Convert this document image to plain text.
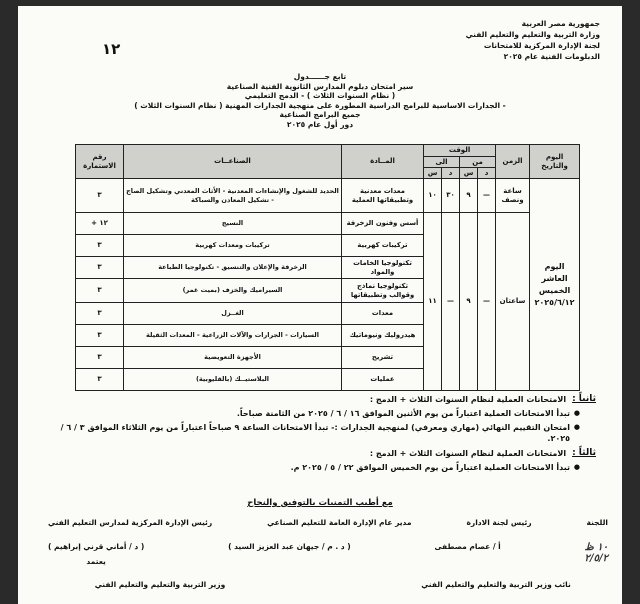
جمهورية مصر العربية
وزارة التربية والتعليم والتعليم الفني
لجنة الإدارة المركزية للامتحانات
الدبلومات الفنية عام ٢٠٢٥
١٢
تابع جــــــدول
سير امتحان دبلوم المدارس الثانوية الفنية الصناعية
( نظام السنوات الثلاث ) - الدمج التعليمي
- الجدارات الاساسية للبرامج الدراسية المطورة على منهجية الجدارات المهنية ( نظام السنوات الثلاث )
جميع البرامج الصناعية
دور أول عام ٢٠٢٥
اليوم والتاريخ	الزمن	الوقت				المــادة	الصناعــات	رقم الاستمارة
		من		الى				
		د	س	د	س			
اليوم العاشر الخميس ٢٠٢٥/٦/١٢	ساعة ونصف	—	٩	٣٠	١٠	معدات معدنية وتطبيقاتها العملية	الحديد للشغول والإنشاءات المعدنية - الأثاث المعدني وتشكيل الصاج - تشكيل المعادن والسباكة	٣
	ساعتان	—	٩	—	١١	أسس وفنون الزخرفة	النسيج	١٢ +
						تركيبات كهربية	تركيبات ومعدات كهربية	٣
						تكنولوجيا الخامات والمواد	الزخرفة والإعلان والتنسيق - تكنولوجيا الطباعة	٣
						تكنولوجيا نماذج وقوالب وتطبيقاتها	السيراميك والخزف (بميت غمر)	٣
						معدات	الغــزل	٣
						هيدروليك ونيوماتيك	السيارات - الجرارات والآلات الزراعية - المعدات الثقيلة	٣
						تشريح	الأجهزة التعويضية	٣
						عمليات	البلاستيــك (بالقليوبية)	٣
ثانياً :
الامتحانات العملية لنظام السنوات الثلاث + الدمج :
● تبدأ الامتحانات العملية اعتباراً من يوم الأثنين الموافق ١٦ / ٦ / ٢٠٢٥ من الثامنة صباحاً.
● امتحان التقييم النهائي (مهاري ومعرفي) لمنهجية الجدارات :- تبدأ الامتحانات الساعة ٩ صباحاً اعتباراً من يوم الثلاثاء الموافق ٣ / ٦ / ٢٠٢٥.
ثالثاً :
الامتحانات العملية لنظام السنوات الثلاث + الدمج :
● تبدأ الامتحانات العملية اعتباراً من يوم الخميس الموافق ٢٢ / ٥ / ٢٠٢٥ م.
مع أطيب التمنيات بالتوفيق والنجاح
اللجنة
رئيس لجنة الادارة
مدير عام الإدارة العامة للتعليم الصناعي
رئيس الإدارة المركزية لمدارس التعليم الفني
١٠ ظ
٢/٥/٢
أ / عصام مصطفى
( د . م / جيهان عبد العزيز السيد )
( د / أماني قرني إبراهيم )
يعتمد
نائب وزير التربية والتعليم والتعليم الفني
وزير التربية والتعليم والتعليم الفني
